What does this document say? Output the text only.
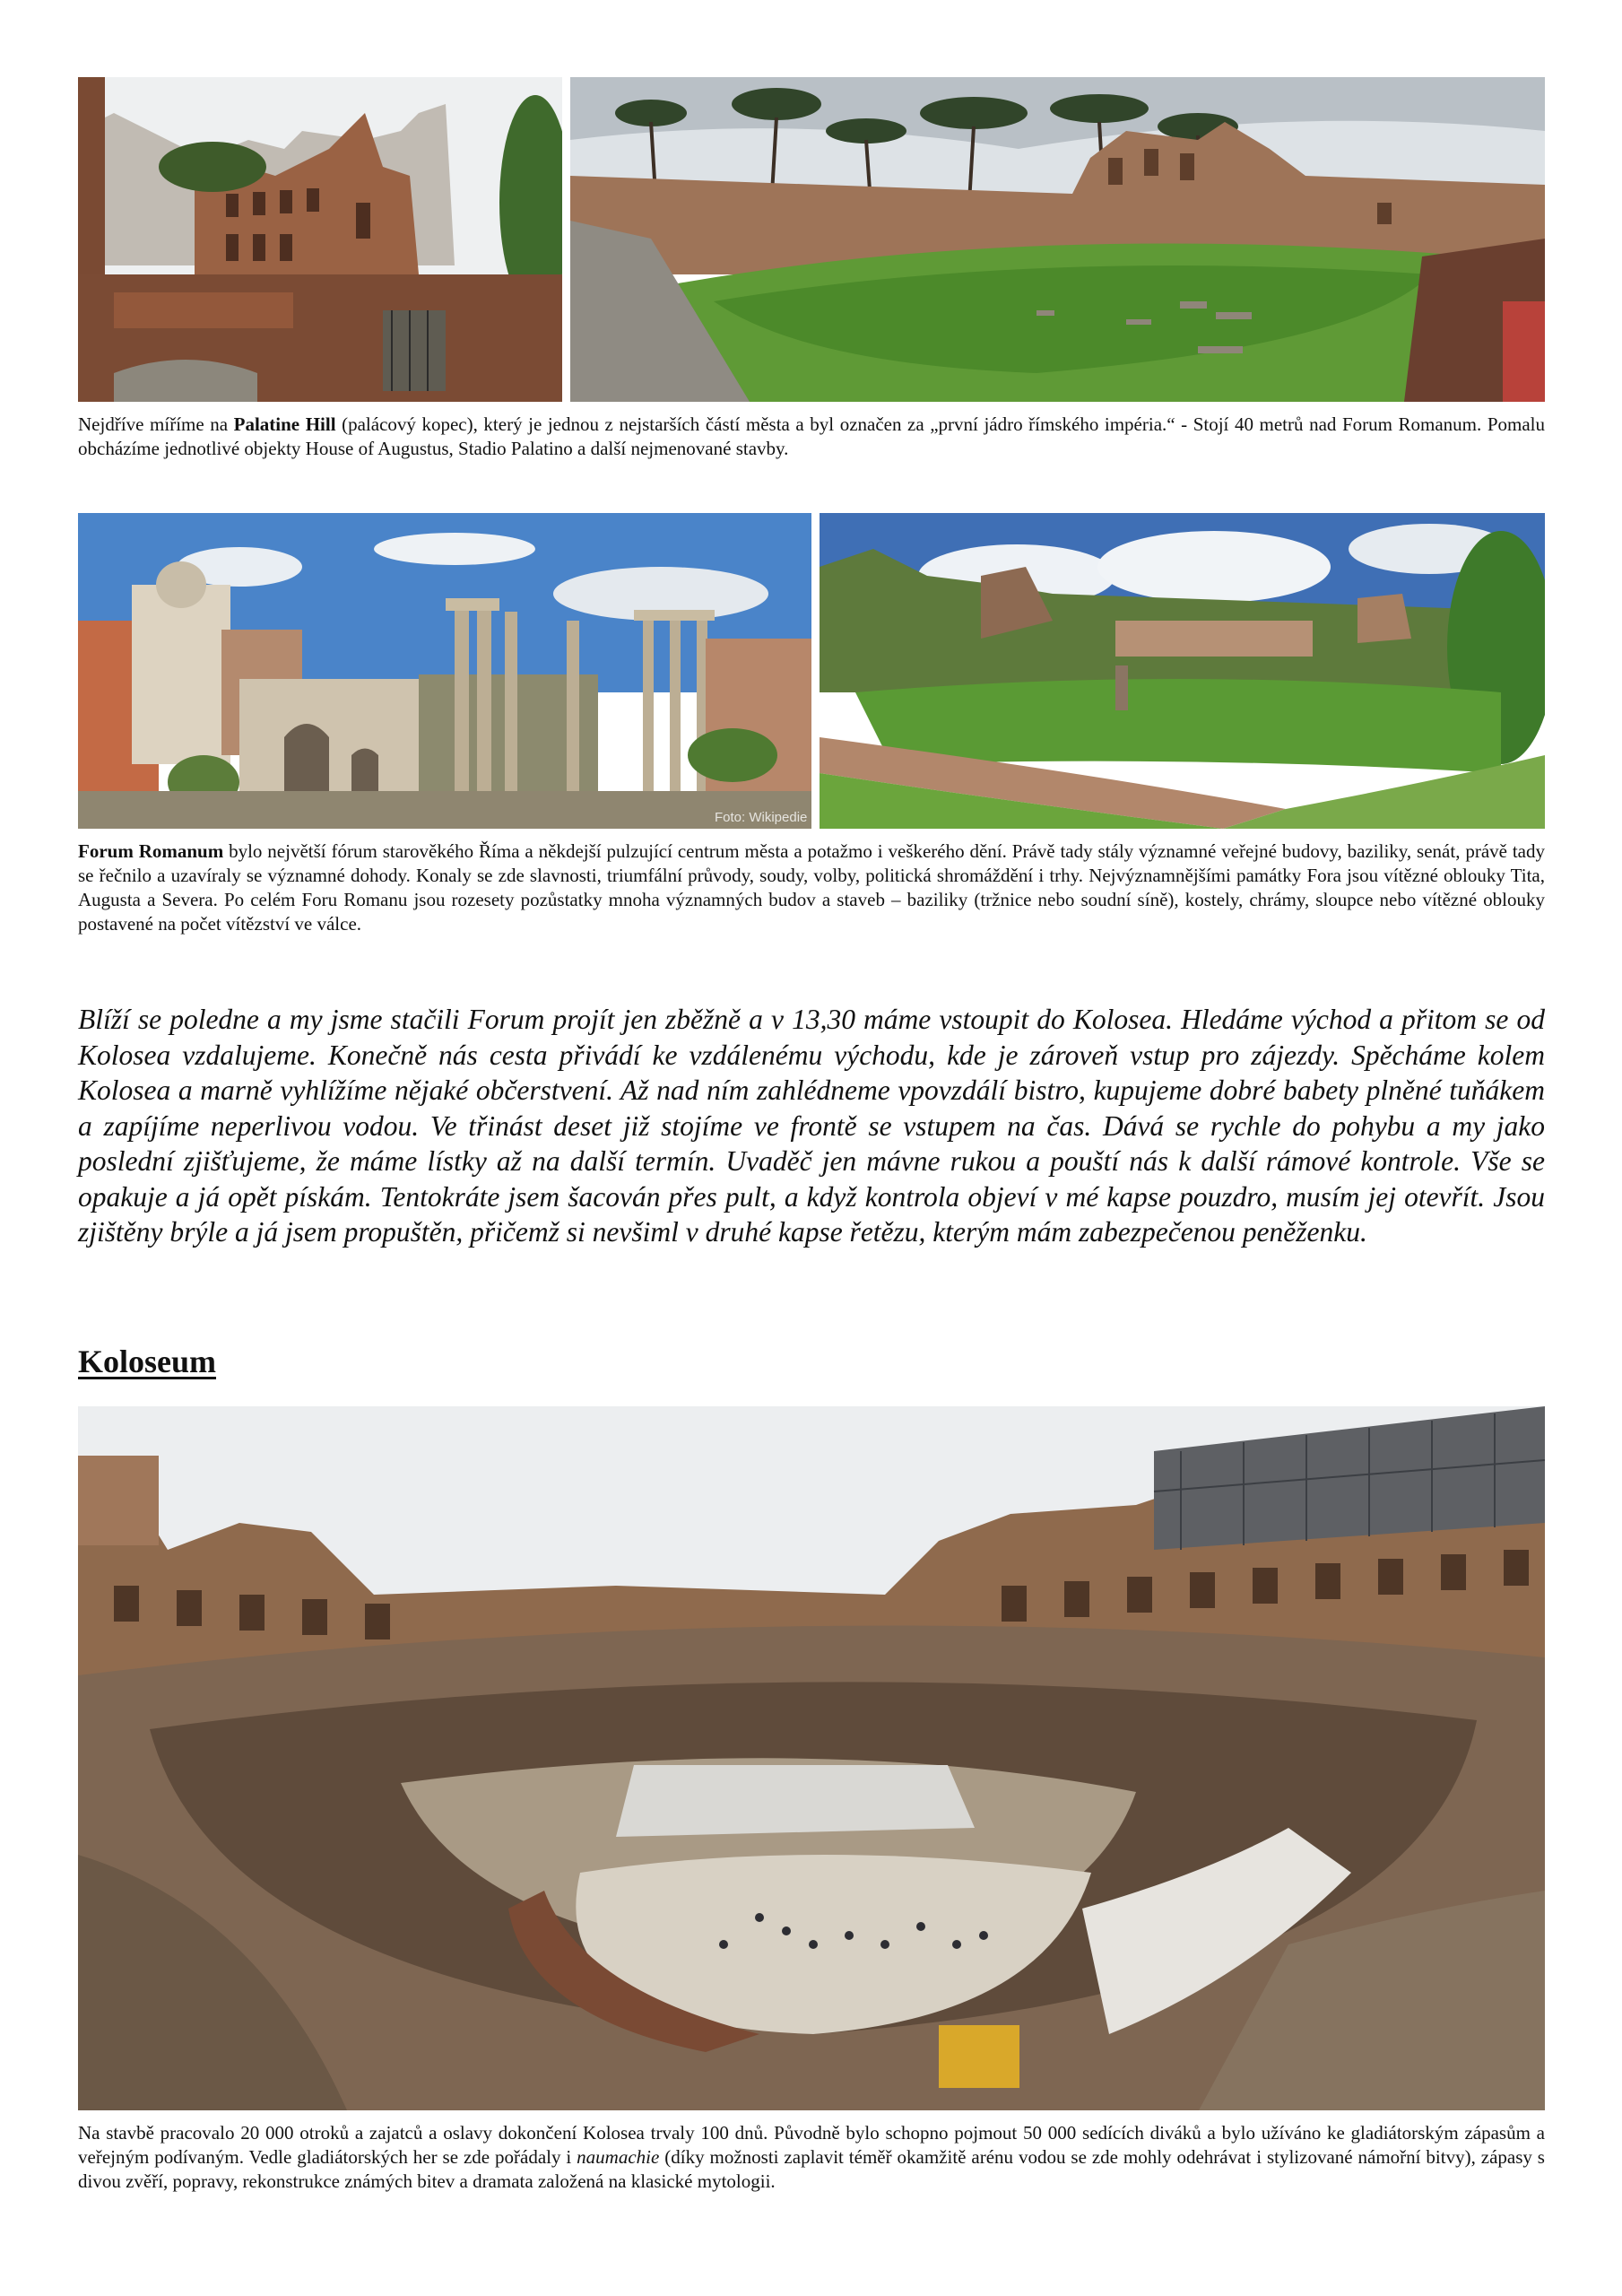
Nejdříve míříme na Palatine Hill (palácový kopec), který je jednou z nejstarších částí města a byl označen za „první jádro římského impéria.“ - Stojí 40 metrů nad Forum Romanum. Pomalu obcházíme jednotlivé objekty House of Augustus, Stadio Palatino a další nejmenované stavby.
Foto: Wikipedie
Forum Romanum bylo největší fórum starověkého Říma a někdejší pulzující centrum města a potažmo i veškerého dění. Právě tady stály významné veřejné budovy, baziliky, senát, právě tady se řečnilo a uzavíraly se významné dohody. Konaly se zde slavnosti, triumfální průvody, soudy, volby, politická shromáždění i trhy. Nejvýznamnějšími památky Fora jsou vítězné oblouky Tita, Augusta a Severa. Po celém Foru Romanu jsou rozesety pozůstatky mnoha významných budov a staveb – baziliky (tržnice nebo soudní síně), kostely, chrámy, sloupce nebo vítězné oblouky postavené na počet vítězství ve válce.
Blíží se poledne a my jsme stačili Forum projít jen zběžně a v 13,30 máme vstoupit do Kolosea. Hledáme východ a přitom se od Kolosea vzdalujeme. Konečně nás cesta přivádí ke vzdálenému východu, kde je zároveň vstup pro zájezdy. Spěcháme kolem Kolosea a marně vyhlížíme nějaké občerstvení. Až nad ním zahlédneme vpovzdálí bistro, kupujeme dobré babety plněné tuňákem a zapíjíme neperlivou vodou. Ve třinást deset již stojíme ve frontě se vstupem na čas. Dává se rychle do pohybu a my jako poslední zjišťujeme, že máme lístky až na další termín. Uvaděč jen mávne rukou a pouští nás k další rámové kontrole. Vše se opakuje a já opět pískám. Tentokráte jsem šacován přes pult, a když kontrola objeví v mé kapse pouzdro, musím jej otevřít. Jsou zjištěny brýle a já jsem propuštěn, přičemž si nevšiml v druhé kapse řetězu, kterým mám zabezpečenou peněženku.
Koloseum
Na stavbě pracovalo 20 000 otroků a zajatců a oslavy dokončení Kolosea trvaly 100 dnů. Původně bylo schopno pojmout 50 000 sedících diváků a bylo užíváno ke gladiátorským zápasům a veřejným podívaným. Vedle gladiátorských her se zde pořádaly i naumachie (díky možnosti zaplavit téměř okamžitě arénu vodou se zde mohly odehrávat i stylizované námořní bitvy), zápasy s divou zvěří, popravy, rekonstrukce známých bitev a dramata založená na klasické mytologii.
